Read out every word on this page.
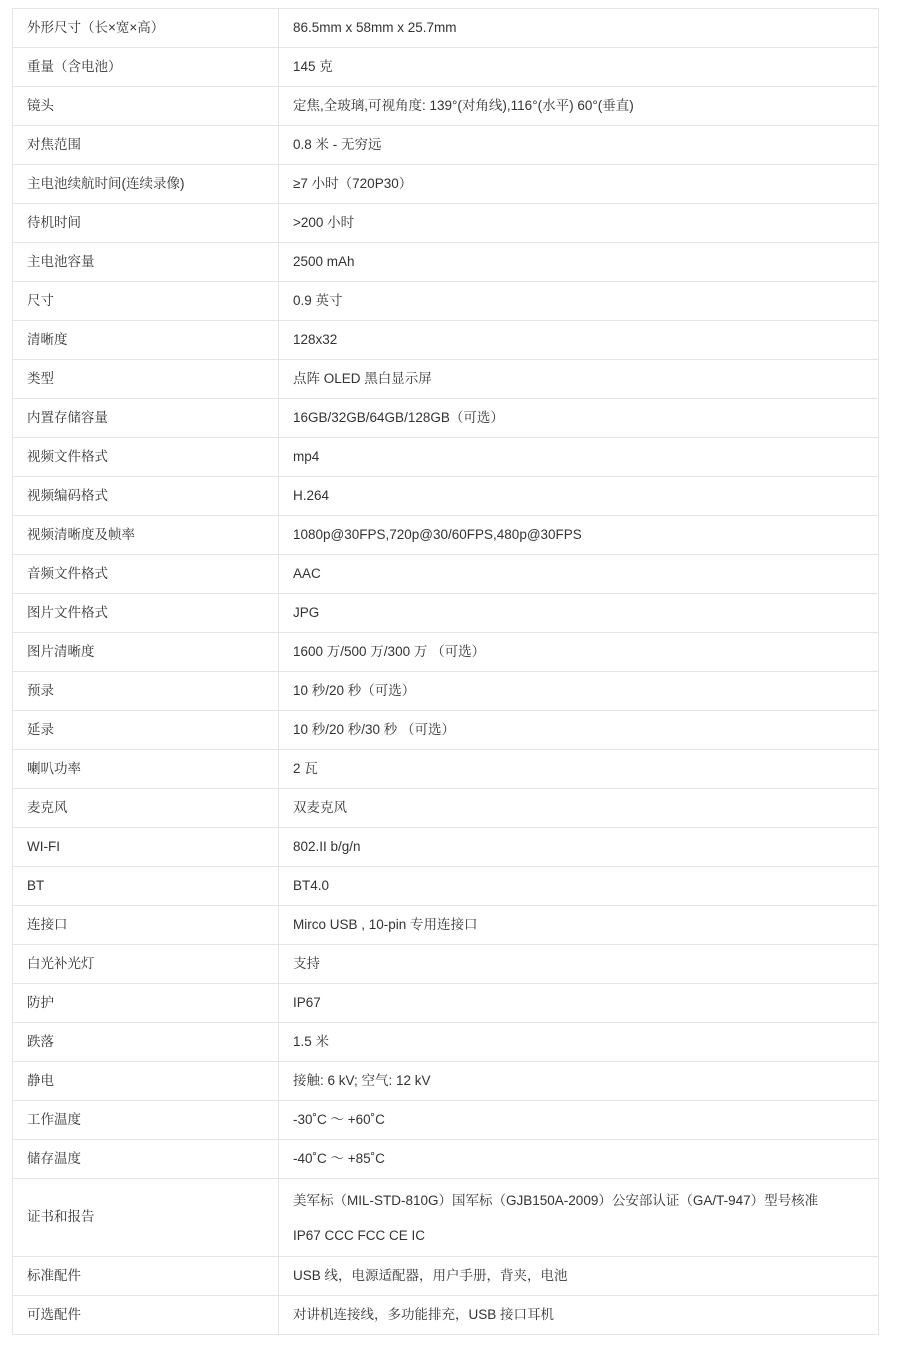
外形尺寸（长×宽×高）	86.5mm x 58mm x 25.7mm
重量（含电池）	145 克
镜头	定焦,全玻璃,可视角度: 139°(对角线),116°(水平) 60°(垂直)
对焦范围	0.8 米 - 无穷远
主电池续航时间(连续录像)	≥7 小时（720P30）
待机时间	>200 小时
主电池容量	2500 mAh
尺寸	0.9 英寸
清晰度	128x32
类型	点阵 OLED 黑白显示屏
内置存储容量	16GB/32GB/64GB/128GB（可选）
视频文件格式	mp4
视频编码格式	H.264
视频清晰度及帧率	1080p@30FPS,720p@30/60FPS,480p@30FPS
音频文件格式	AAC
图片文件格式	JPG
图片清晰度	1600 万/500 万/300 万 （可选）
预录	10 秒/20 秒（可选）
延录	10 秒/20 秒/30 秒 （可选）
喇叭功率	2 瓦
麦克风	双麦克风
WI-FI	802.II b/g/n
BT	BT4.0
连接口	Mirco USB , 10-pin 专用连接口
白光补光灯	支持
防护	IP67
跌落	1.5 米
静电	接触: 6 kV; 空气: 12 kV
工作温度	-30˚C ～ +60˚C
储存温度	-40˚C ～ +85˚C
证书和报告	美军标（MIL-STD-810G）国军标（GJB150A-2009）公安部认证（GA/T-947）型号核准
IP67 CCC FCC CE IC

标准配件	USB 线，电源适配器，用户手册，背夹，电池
可选配件	对讲机连接线，多功能排充，USB 接口耳机
